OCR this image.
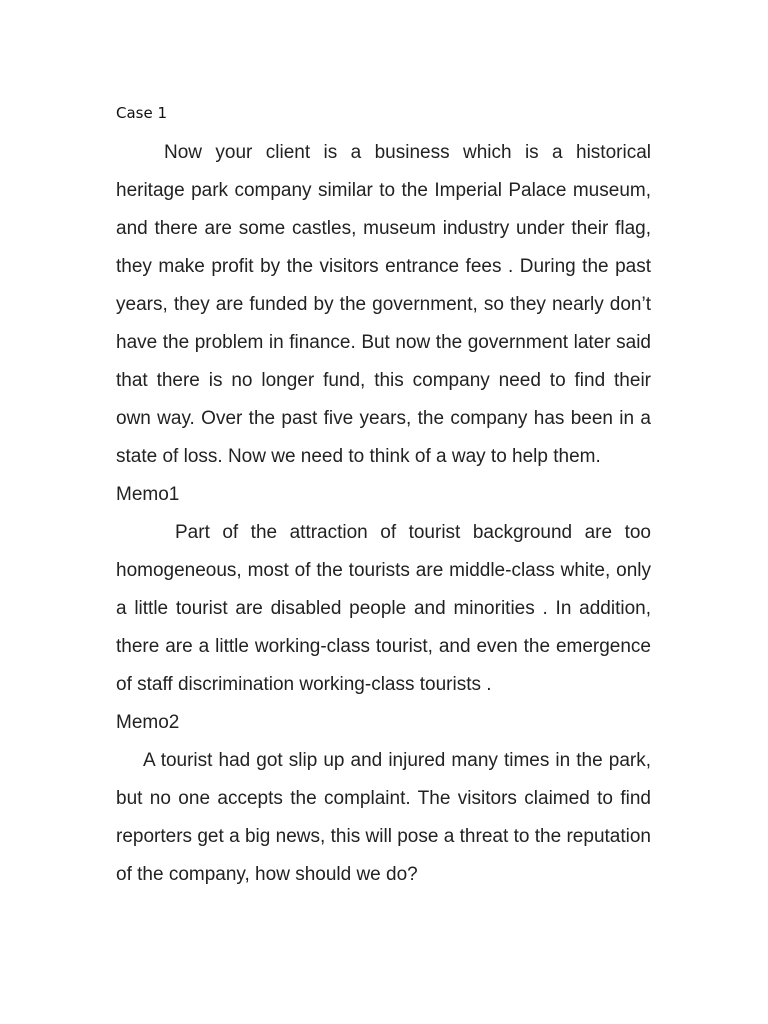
Case 1

Now your client is a business which is a historical heritage park company similar to the Imperial Palace museum, and there are some castles, museum industry under their flag, they make profit by the visitors entrance fees . During the past years, they are funded by the government, so they nearly don’t have the problem in finance. But now the government later said that there is no longer fund, this company need to find their own way. Over the past five years, the company has been in a state of loss. Now we need to think of a way to help them.

Memo1

Part of the attraction of tourist background are too homogeneous, most of the tourists are middle-class white, only a little tourist are disabled people and minorities . In addition, there are a little working-class tourist, and even the emergence of staff discrimination working-class tourists .

Memo2

A tourist had got slip up and injured many times in the park, but no one accepts the complaint. The visitors claimed to find reporters get a big news, this will pose a threat to the reputation of the company, how should we do?
